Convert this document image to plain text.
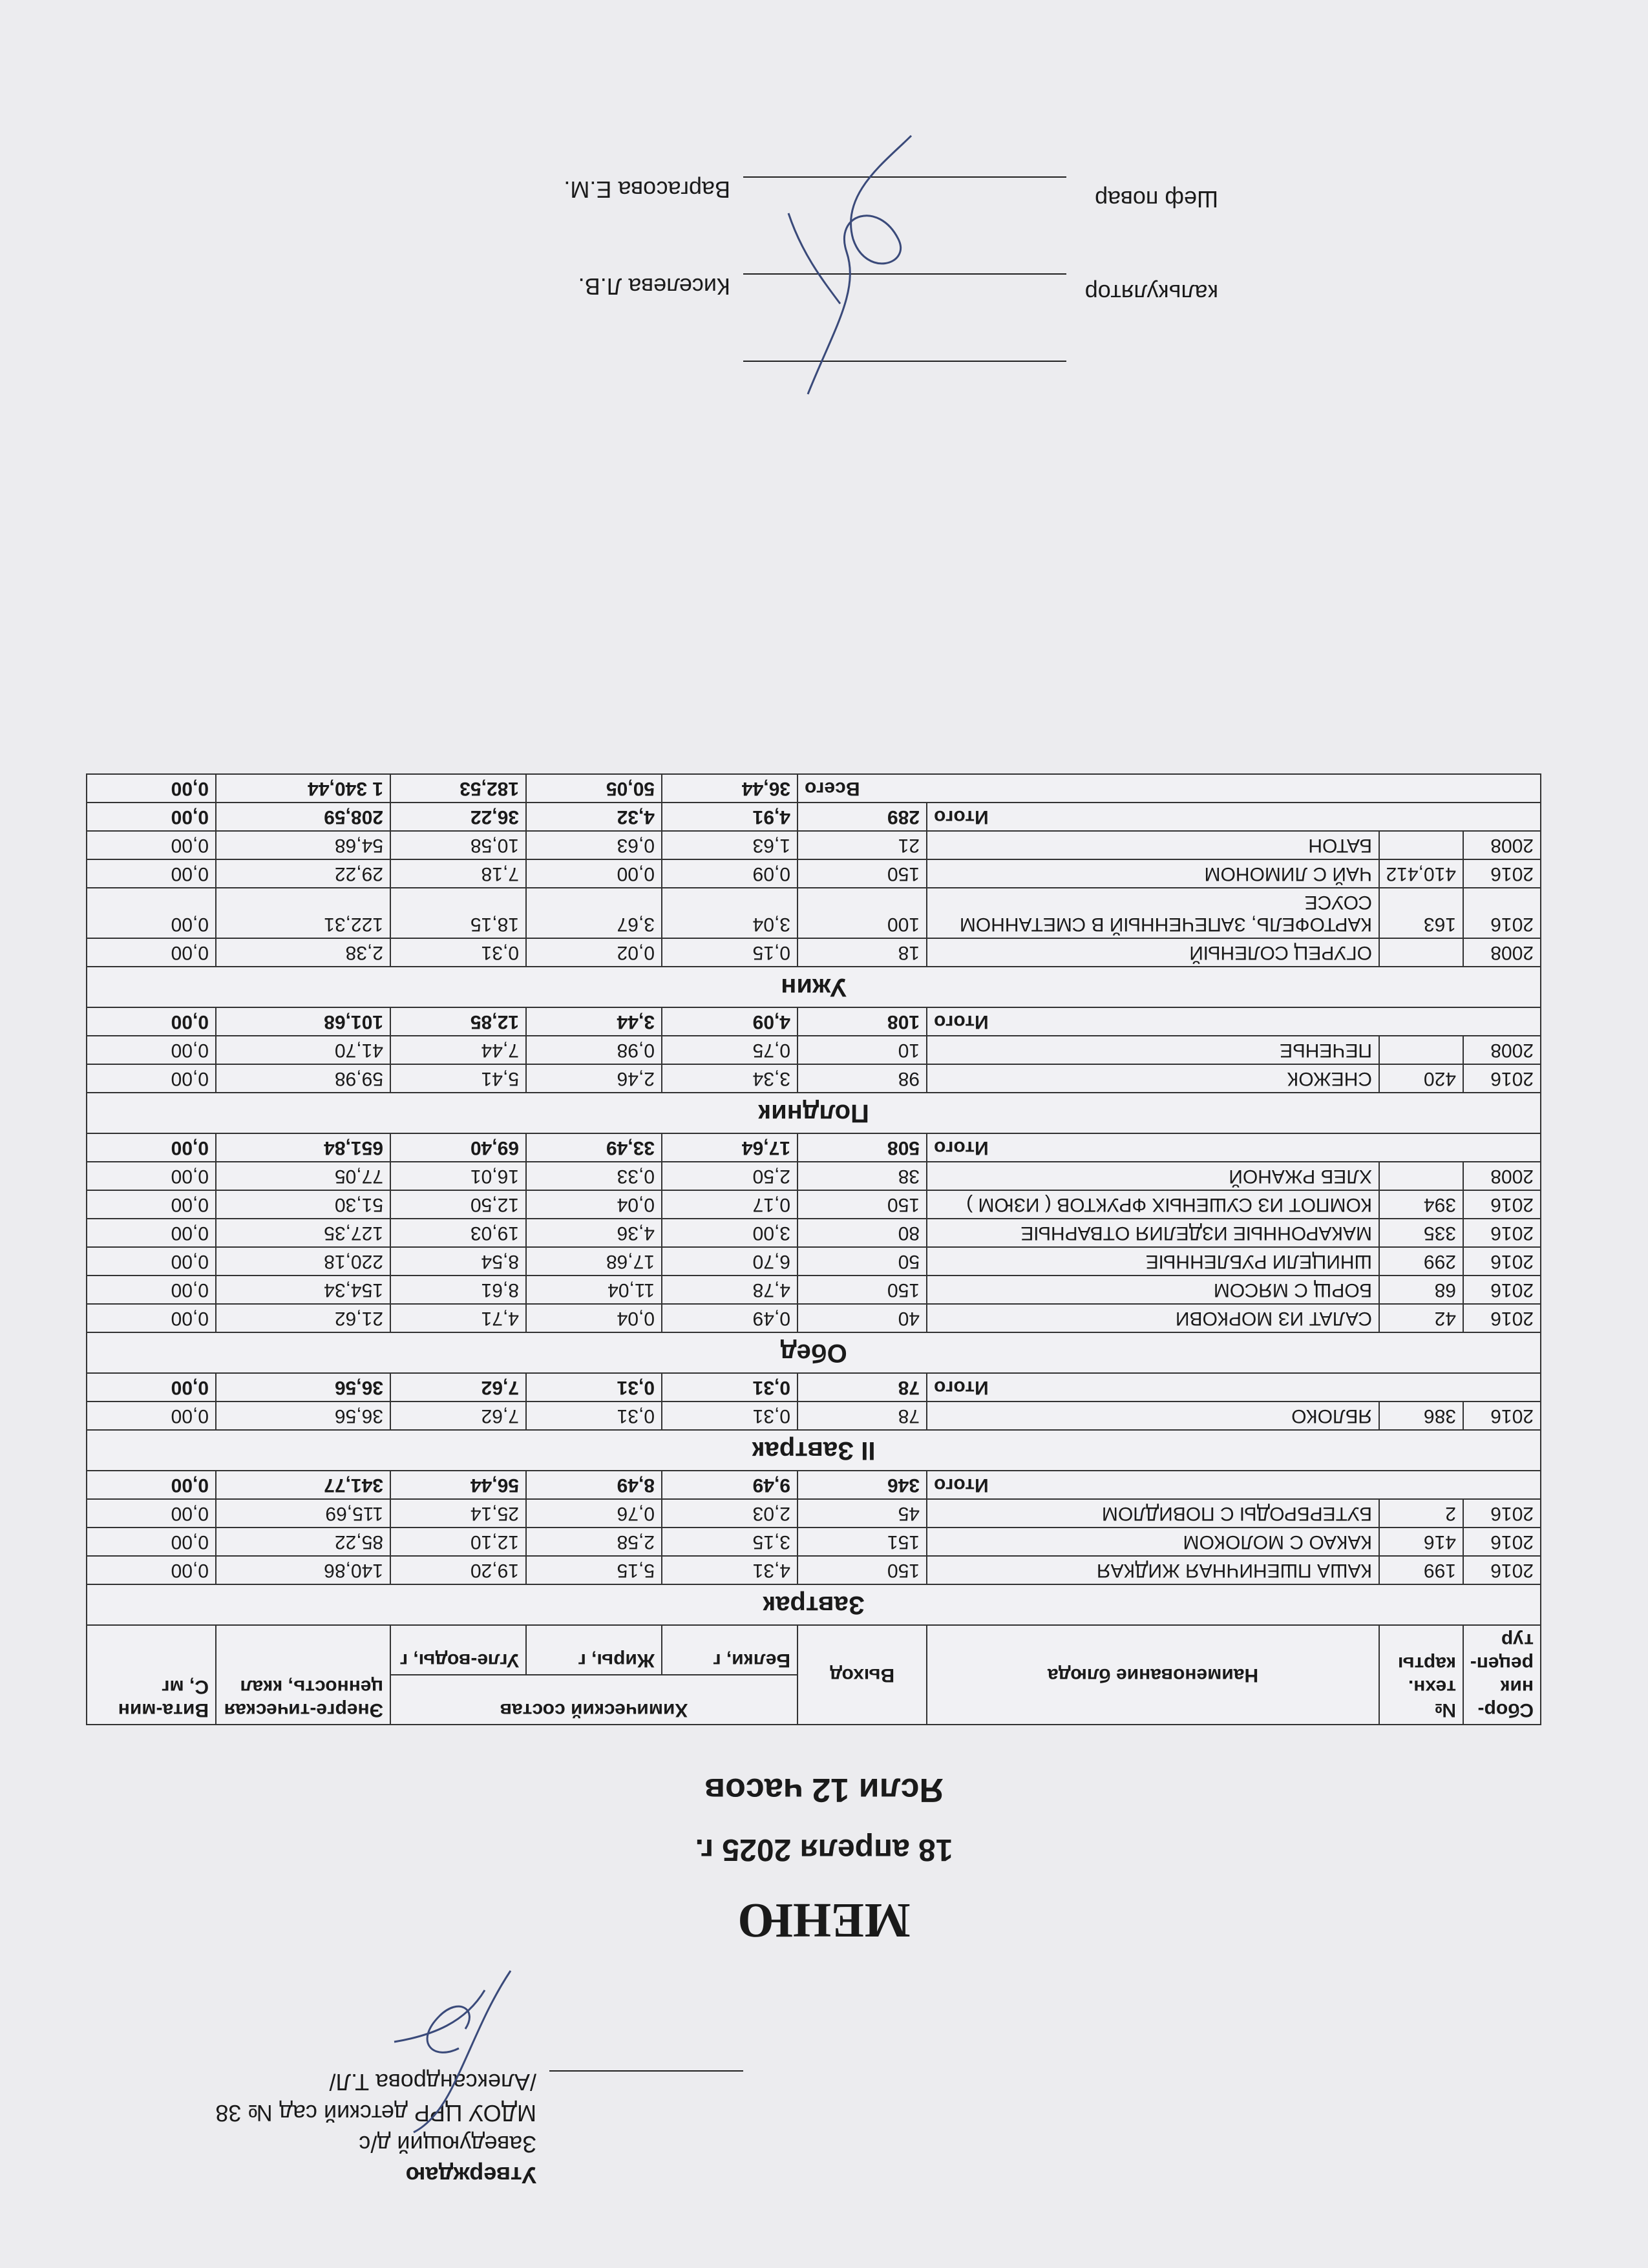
Утверждаю
Заведующий д/с
МДОУ ЦРР детский сад № 38
/Александрова Т.Л/
МЕНЮ
18 апреля 2025 г.
Ясли 12 часов
Сбор-ник рецеп-тур	№ техн. карты	Наименование блюда	Выход	Химический состав			Энерге-тическая ценность, ккал	Вита-мин С, мг
				Белки, г	Жиры, г	Угле-воды, г		
Завтрак								
2016	199	КАША ПШЕНИЧНАЯ ЖИДКАЯ	150	4,31	5,15	19,20	140,86	0,00
2016	416	КАКАО С МОЛОКОМ	151	3,15	2,58	12,10	85,22	0,00
2016	2	БУТЕРБРОДЫ С ПОВИДЛОМ	45	2,03	0,76	25,14	115,69	0,00
Итого			346	9,49	8,49	56,44	341,77	0,00
II Завтрак								
2016	386	ЯБЛОКО	78	0,31	0,31	7,62	36,56	0,00
Итого			78	0,31	0,31	7,62	36,56	0,00
Обед								
2016	42	САЛАТ ИЗ МОРКОВИ	40	0,49	0,04	4,71	21,62	0,00
2016	68	БОРЩ С МЯСОМ	150	4,78	11,04	8,61	154,34	0,00
2016	299	ШНИЦЕЛИ РУБЛЕННЫЕ	50	6,70	17,68	8,54	220,18	0,00
2016	335	МАКАРОННЫЕ ИЗДЕЛИЯ ОТВАРНЫЕ	80	3,00	4,36	19,03	127,35	0,00
2016	394	КОМПОТ ИЗ СУШЕНЫХ ФРУКТОВ ( ИЗЮМ )	150	0,17	0,04	12,50	51,30	0,00
2008		ХЛЕБ РЖАНОЙ	38	2,50	0,33	16,01	77,05	0,00
Итого			508	17,64	33,49	69,40	651,84	0,00
Полдник								
2016	420	СНЕЖОК	98	3,34	2,46	5,41	59,98	0,00
2008		ПЕЧЕНЬЕ	10	0,75	0,98	7,44	41,70	0,00
Итого			108	4,09	3,44	12,85	101,68	0,00
Ужин								
2008		ОГУРЕЦ СОЛЕНЫЙ	18	0,15	0,02	0,31	2,38	0,00
2016	163	КАРТОФЕЛЬ, ЗАПЕЧЕННЫЙ В СМЕТАННОМ СОУСЕ	100	3,04	3,67	18,15	122,31	0,00
2016	410,412	ЧАЙ С ЛИМОНОМ	150	0,09	0,00	7,18	29,22	0,00
2008		БАТОН	21	1,63	0,63	10,58	54,68	0,00
Итого			289	4,91	4,32	36,22	208,59	0,00
Всего				36,44	50,05	182,53	1 340,44	0,00
калькулятор
Киселева Л.В.
Шеф повар
Варгасова Е.М.
